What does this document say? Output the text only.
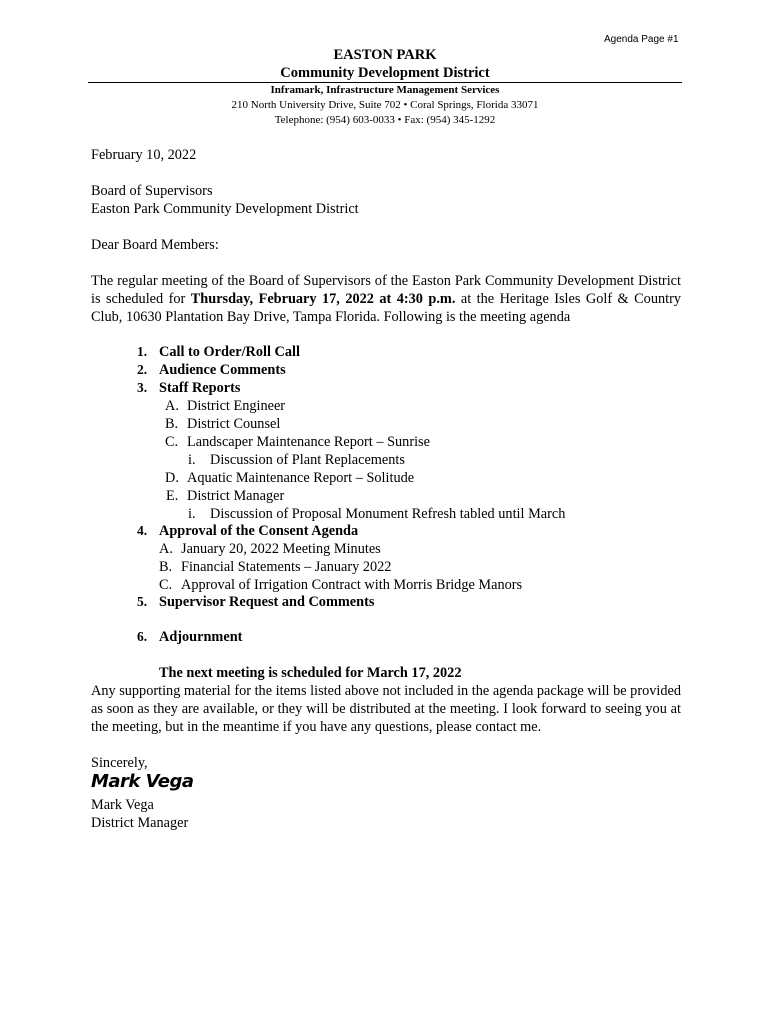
Agenda Page #1
EASTON PARK
Community Development District
Inframark, Infrastructure Management Services
210 North University Drive, Suite 702 • Coral Springs, Florida 33071
Telephone: (954) 603-0033 • Fax: (954) 345-1292
February 10, 2022
Board of Supervisors
Easton Park Community Development District
Dear Board Members:
The regular meeting of the Board of Supervisors of the Easton Park Community Development District is scheduled for Thursday, February 17, 2022 at 4:30 p.m. at the Heritage Isles Golf & Country Club, 10630 Plantation Bay Drive, Tampa Florida. Following is the meeting agenda
1. Call to Order/Roll Call
2. Audience Comments
3. Staff Reports
A. District Engineer
B. District Counsel
C. Landscaper Maintenance Report – Sunrise
i. Discussion of Plant Replacements
D. Aquatic Maintenance Report – Solitude
E. District Manager
i. Discussion of Proposal Monument Refresh tabled until March
4. Approval of the Consent Agenda
A. January 20, 2022 Meeting Minutes
B. Financial Statements – January 2022
C. Approval of Irrigation Contract with Morris Bridge Manors
5. Supervisor Request and Comments
6. Adjournment
The next meeting is scheduled for March 17, 2022
Any supporting material for the items listed above not included in the agenda package will be provided as soon as they are available, or they will be distributed at the meeting. I look forward to seeing you at the meeting, but in the meantime if you have any questions, please contact me.
Sincerely,
Mark Vega
Mark Vega
District Manager
